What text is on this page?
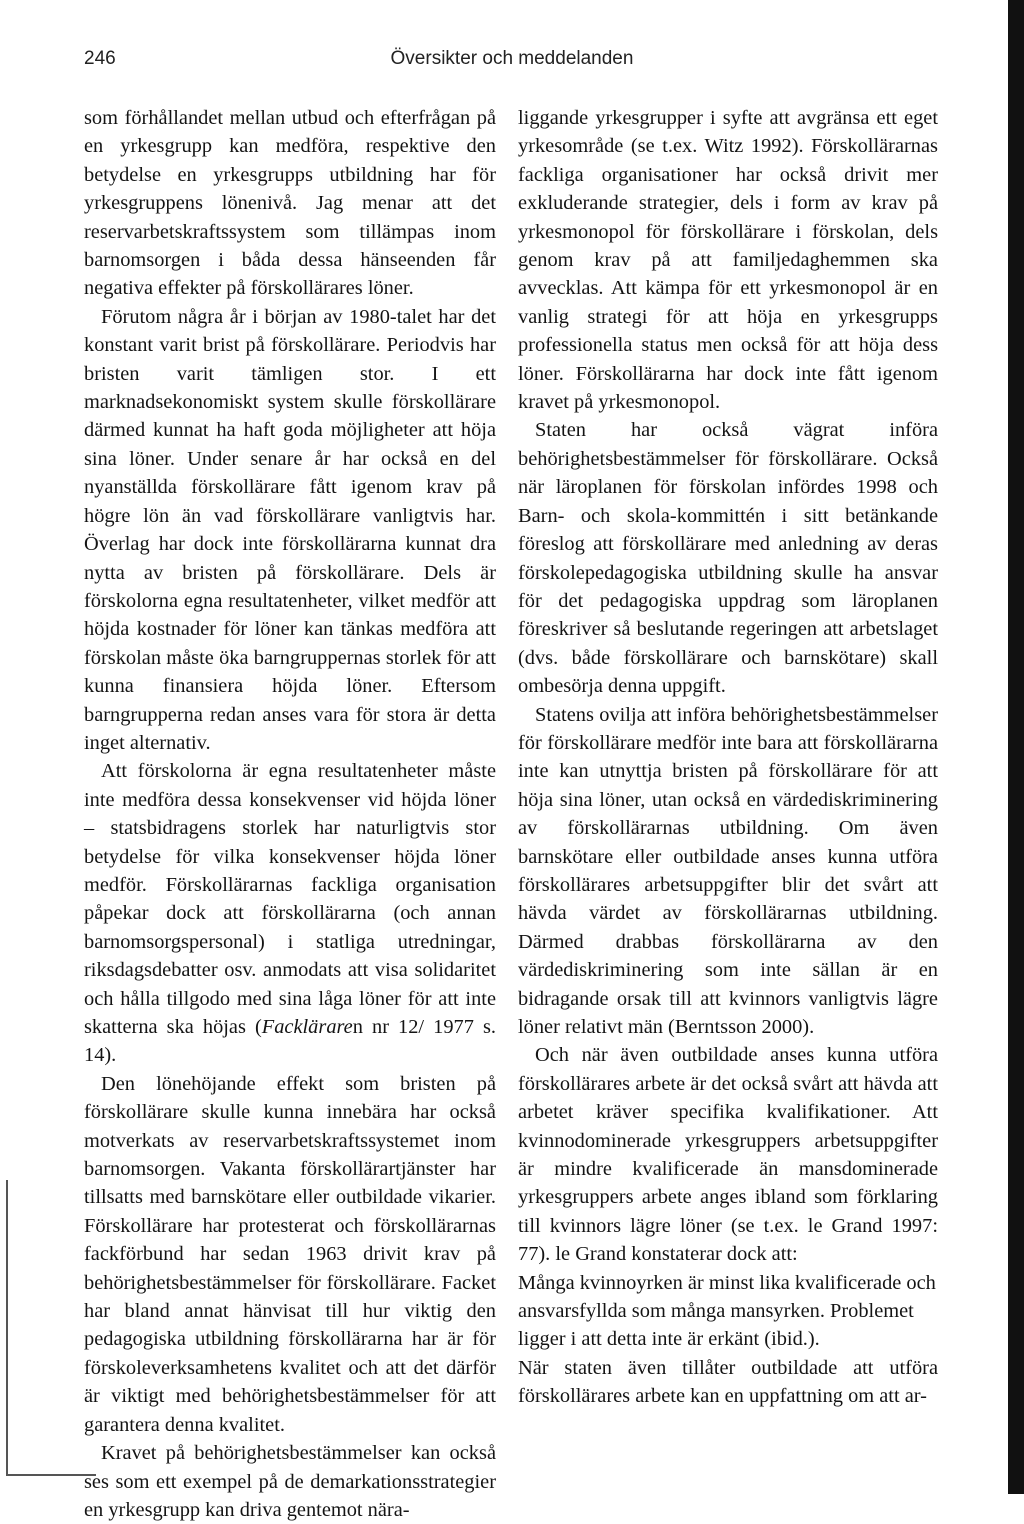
246	Översikter och meddelanden

som förhållandet mellan utbud och efterfrågan på en yrkesgrupp kan medföra, respektive den betydelse en yrkesgrupps utbildning har för yrkesgruppens lönenivå. Jag menar att det reservarbetskraftssystem som tillämpas inom barnomsorgen i båda dessa hänseenden får negativa effekter på förskollärares löner.

Förutom några år i början av 1980-talet har det konstant varit brist på förskollärare. Periodvis har bristen varit tämligen stor. I ett marknadsekonomiskt system skulle förskollärare därmed kunnat ha haft goda möjligheter att höja sina löner. Under senare år har också en del nyanställda förskollärare fått igenom krav på högre lön än vad förskollärare vanligtvis har. Överlag har dock inte förskollärarna kunnat dra nytta av bristen på förskollärare. Dels är förskolorna egna resultatenheter, vilket medför att höjda kostnader för löner kan tänkas medföra att förskolan måste öka barngruppernas storlek för att kunna finansiera höjda löner. Eftersom barngrupperna redan anses vara för stora är detta inget alternativ.

Att förskolorna är egna resultatenheter måste inte medföra dessa konsekvenser vid höjda löner – statsbidragens storlek har naturligtvis stor betydelse för vilka konsekvenser höjda löner medför. Förskollärarnas fackliga organisation påpekar dock att förskollärarna (och annan barnomsorgspersonal) i statliga utredningar, riksdagsdebatter osv. anmodats att visa solidaritet och hålla tillgodo med sina låga löner för att inte skatterna ska höjas (Fackläraren nr 12/ 1977 s. 14).

Den lönehöjande effekt som bristen på förskollärare skulle kunna innebära har också motverkats av reservarbetskraftssystemet inom barnomsorgen. Vakanta förskollärartjänster har tillsatts med barnskötare eller outbildade vikarier. Förskollärare har protesterat och förskollärarnas fackförbund har sedan 1963 drivit krav på behörighetsbestämmelser för förskollärare. Facket har bland annat hänvisat till hur viktig den pedagogiska utbildning förskollärarna har är för förskoleverksamhetens kvalitet och att det därför är viktigt med behörighetsbestämmelser för att garantera denna kvalitet.

Kravet på behörighetsbestämmelser kan också ses som ett exempel på de demarkationsstrategier en yrkesgrupp kan driva gentemot nära-

liggande yrkesgrupper i syfte att avgränsa ett eget yrkesområde (se t.ex. Witz 1992). Förskollärarnas fackliga organisationer har också drivit mer exkluderande strategier, dels i form av krav på yrkesmonopol för förskollärare i förskolan, dels genom krav på att familjedaghemmen ska avvecklas. Att kämpa för ett yrkesmonopol är en vanlig strategi för att höja en yrkesgrupps professionella status men också för att höja dess löner. Förskollärarna har dock inte fått igenom kravet på yrkesmonopol.

Staten har också vägrat införa behörighetsbestämmelser för förskollärare. Också när läroplanen för förskolan infördes 1998 och Barn- och skola-kommittén i sitt betänkande föreslog att förskollärare med anledning av deras förskolepedagogiska utbildning skulle ha ansvar för det pedagogiska uppdrag som läroplanen föreskriver så beslutande regeringen att arbetslaget (dvs. både förskollärare och barnskötare) skall ombesörja denna uppgift.

Statens ovilja att införa behörighetsbestämmelser för förskollärare medför inte bara att förskollärarna inte kan utnyttja bristen på förskollärare för att höja sina löner, utan också en värdediskriminering av förskollärarnas utbildning. Om även barnskötare eller outbildade anses kunna utföra förskollärares arbetsuppgifter blir det svårt att hävda värdet av förskollärarnas utbildning. Därmed drabbas förskollärarna av den värdediskriminering som inte sällan är en bidragande orsak till att kvinnors vanligtvis lägre löner relativt män (Berntsson 2000).

Och när även outbildade anses kunna utföra förskollärares arbete är det också svårt att hävda att arbetet kräver specifika kvalifikationer. Att kvinnodominerade yrkesgruppers arbetsuppgifter är mindre kvalificerade än mansdominerade yrkesgruppers arbete anges ibland som förklaring till kvinnors lägre löner (se t.ex. le Grand 1997: 77). le Grand konstaterar dock att:

Många kvinnoyrken är minst lika kvalificerade och ansvarsfyllda som många mansyrken. Problemet ligger i att detta inte är erkänt (ibid.).

När staten även tillåter outbildade att utföra förskollärares arbete kan en uppfattning om att ar-
